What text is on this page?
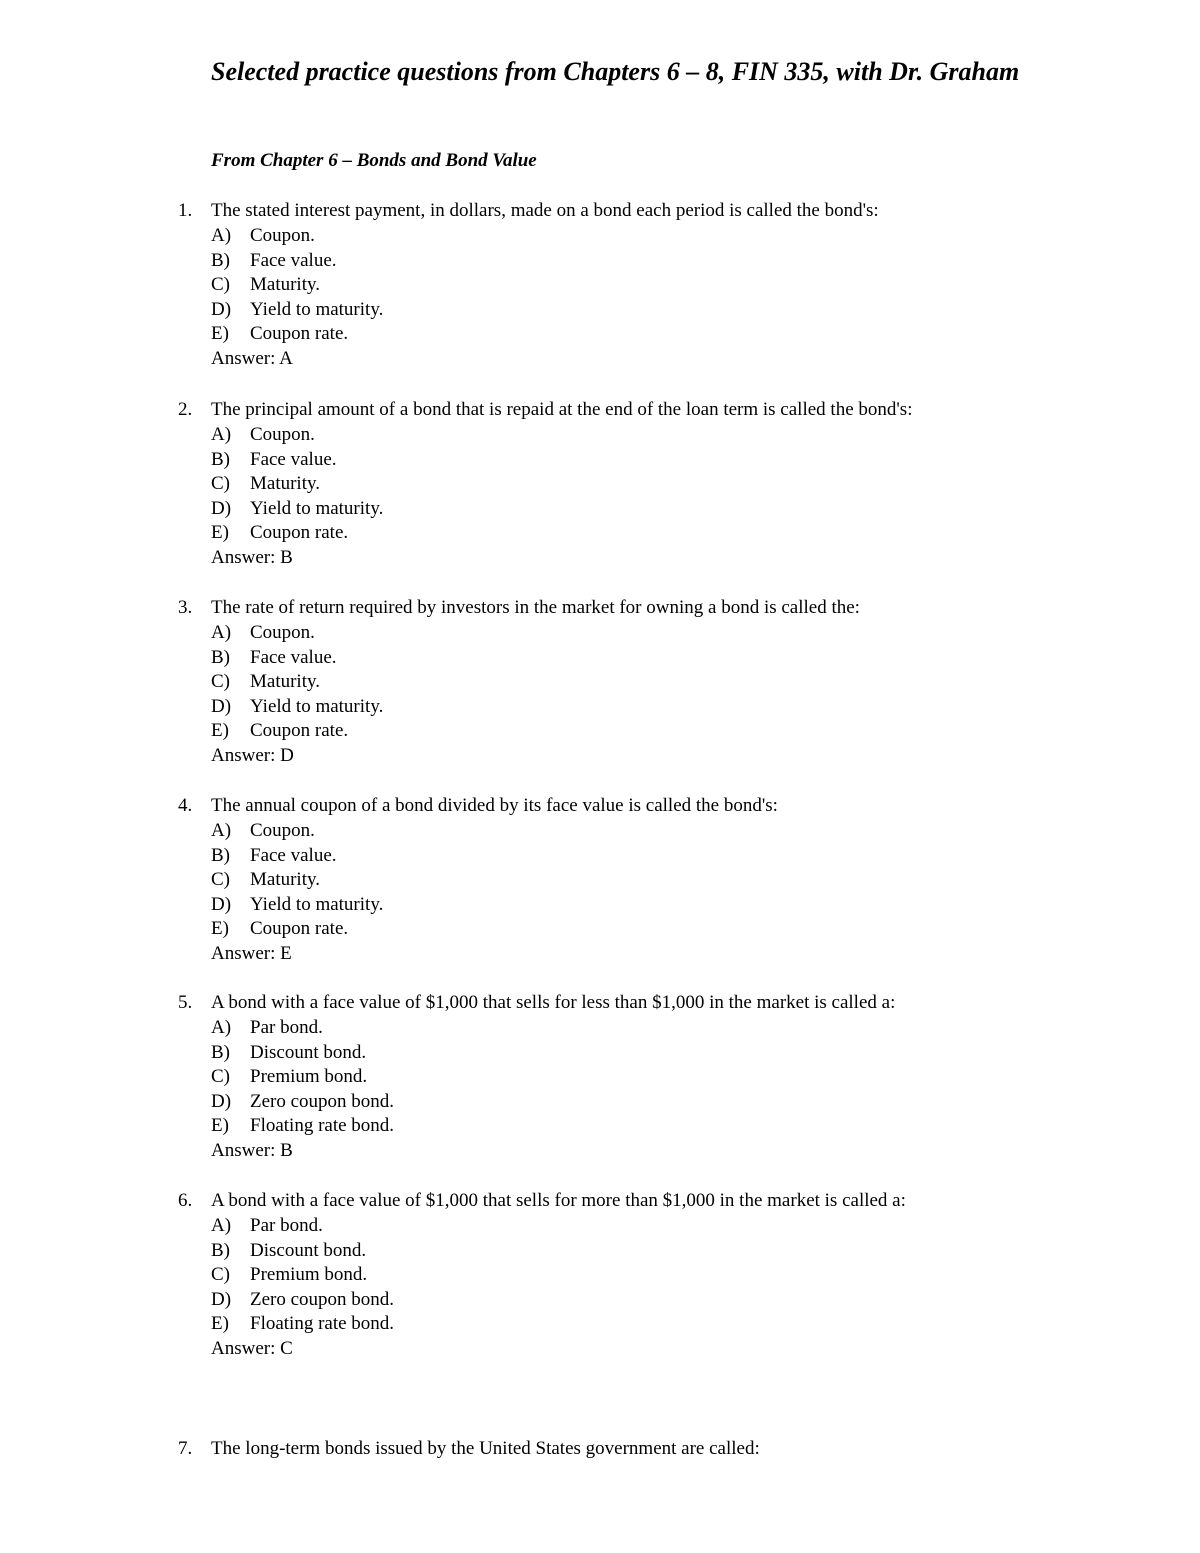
Selected practice questions from Chapters 6 – 8, FIN 335, with Dr. Graham
From Chapter 6 – Bonds and Bond Value
1. The stated interest payment, in dollars, made on a bond each period is called the bond's:
A) Coupon.
B) Face value.
C) Maturity.
D) Yield to maturity.
E) Coupon rate.
Answer: A
2. The principal amount of a bond that is repaid at the end of the loan term is called the bond's:
A) Coupon.
B) Face value.
C) Maturity.
D) Yield to maturity.
E) Coupon rate.
Answer: B
3. The rate of return required by investors in the market for owning a bond is called the:
A) Coupon.
B) Face value.
C) Maturity.
D) Yield to maturity.
E) Coupon rate.
Answer: D
4. The annual coupon of a bond divided by its face value is called the bond's:
A) Coupon.
B) Face value.
C) Maturity.
D) Yield to maturity.
E) Coupon rate.
Answer: E
5. A bond with a face value of $1,000 that sells for less than $1,000 in the market is called a:
A) Par bond.
B) Discount bond.
C) Premium bond.
D) Zero coupon bond.
E) Floating rate bond.
Answer: B
6. A bond with a face value of $1,000 that sells for more than $1,000 in the market is called a:
A) Par bond.
B) Discount bond.
C) Premium bond.
D) Zero coupon bond.
E) Floating rate bond.
Answer: C
7. The long-term bonds issued by the United States government are called:
